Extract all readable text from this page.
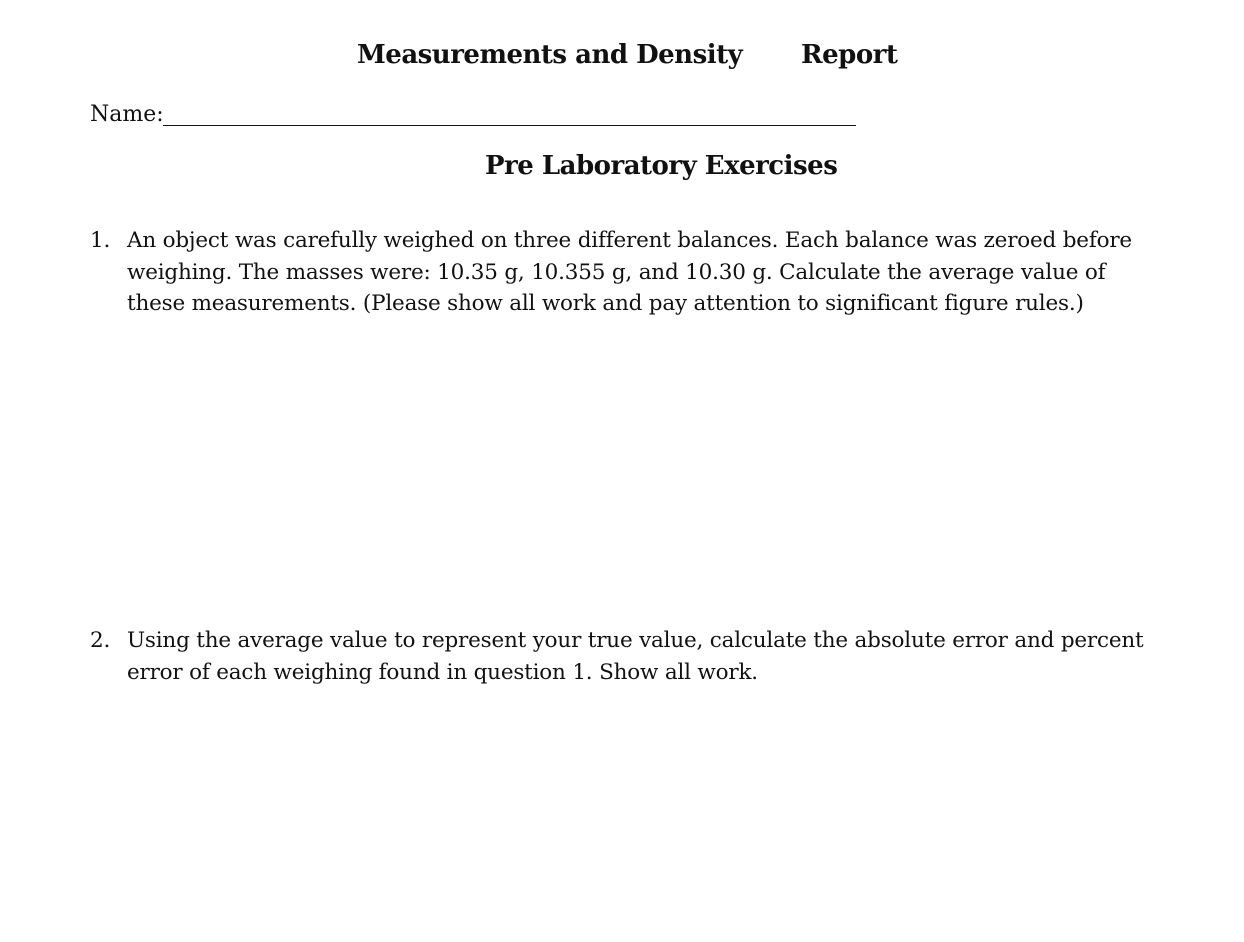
Measurements and Density Report
Name:
Pre Laboratory Exercises
1. An object was carefully weighed on three different balances. Each balance was zeroed before weighing. The masses were: 10.35 g, 10.355 g, and 10.30 g. Calculate the average value of these measurements. (Please show all work and pay attention to significant figure rules.)
2. Using the average value to represent your true value, calculate the absolute error and percent error of each weighing found in question 1. Show all work.
